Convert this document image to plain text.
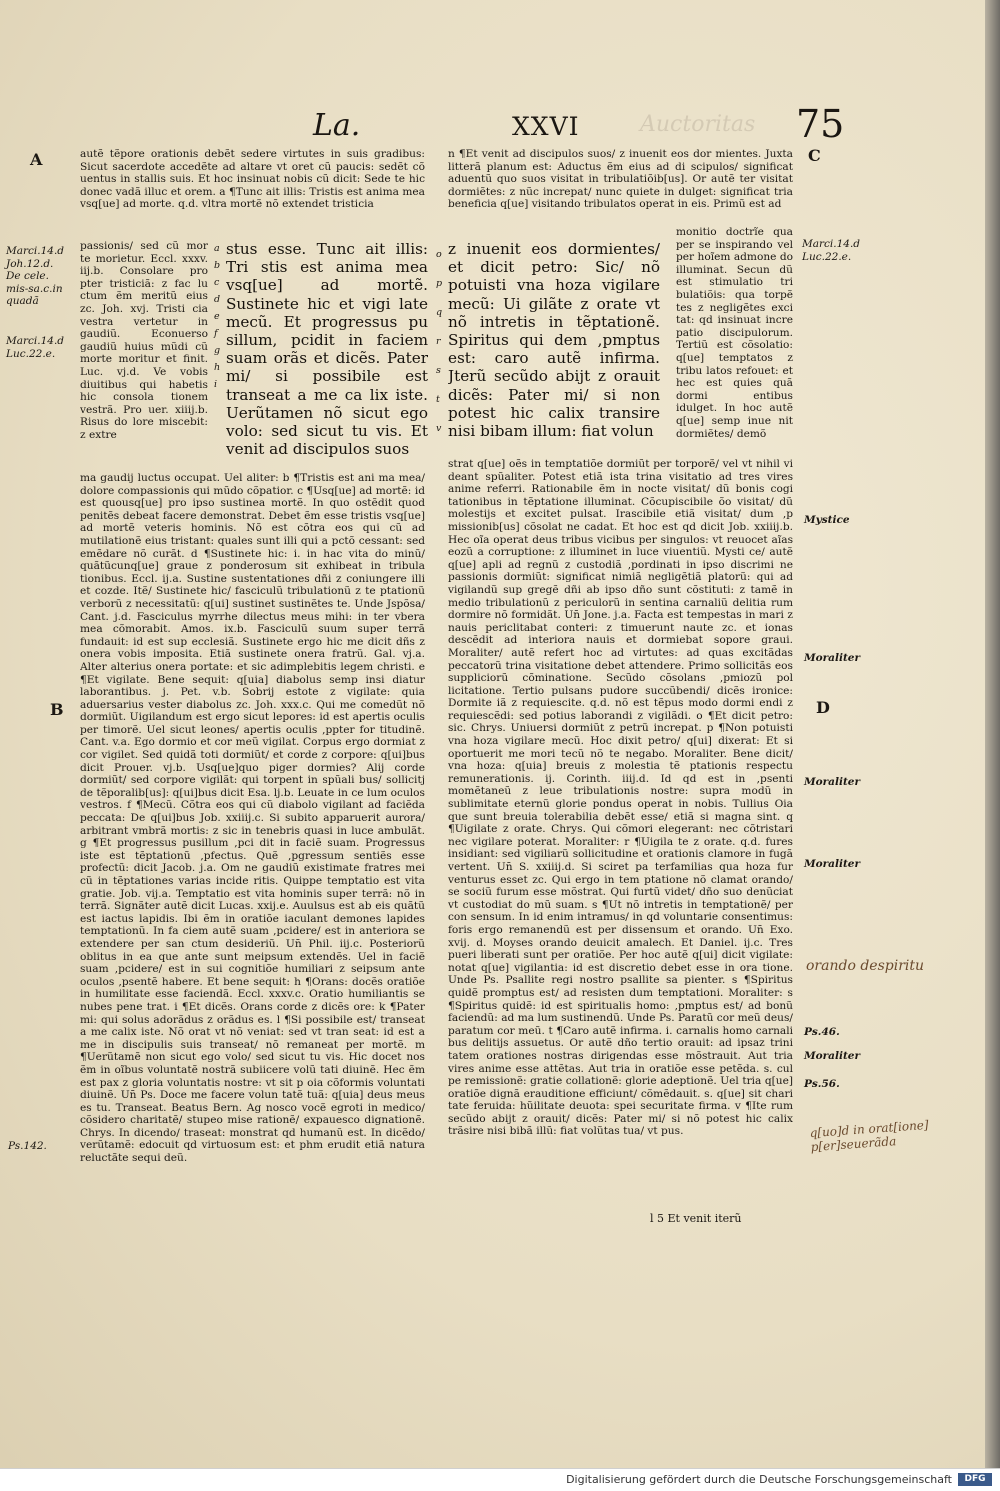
Auctoritas
La.	XXVI	75
A	C
B	D
Marci.14.d Joh.12.d. De cele. mis-sa.c.in quadã
Marci.14.d Luc.22.e.
Ps.142.
Marci.14.d Luc.22.e.
Mystice
Moraliter
Moraliter
Moraliter
Ps.46.
Moraliter
Ps.56.
orando despiritu
q[uo]d in orat[ione] p[er]seuerãda
autẽ tẽpore orationis debẽt sedere virtutes in suis gradibus: Sicut sacerdote accedẽte ad altare vt oret cũ paucis: sedẽt cõ uentus in stallis suis. Et hoc insinuat nobis cũ dicit: Sede te hic donec vadã illuc et orem. a ¶Tunc ait illis: Tristis est anima mea vsq[ue] ad morte. q.d. vltra mortẽ nõ extendet tristicia
passionis/ sed cũ mor te morietur. Eccl. xxxv. iij.b. Consolare pro pter tristiciã: z fac lu ctum ẽm meritũ eius zc. Joh. xvj. Tristi cia vestra vertetur in gaudiũ. Econuerso gaudiũ huius mũdi cũ morte moritur et finit. Luc. vj.d. Ve vobis diuitibus qui habetis hic consola tionem vestrã. Pro uer. xiiij.b. Risus do lore miscebit: z extre
ma gaudij luctus occupat. Uel aliter: b ¶Tristis est ani ma mea/ dolore compassionis qui mũdo cõpatior. c ¶Usq[ue] ad mortẽ: id est quousq[ue] pro ipso sustinea mortẽ. In quo ostẽdit quod penitẽs debeat facere demonstrat. Debet ẽm esse tristis vsq[ue] ad mortẽ veteris hominis. Nõ est cõtra eos qui cũ ad mutilationẽ eius tristant: quales sunt illi qui a pctõ cessant: sed emẽdare nõ curãt. d ¶Sustinete hic: i. in hac vita do minũ/ quãtũcunq[ue] graue z ponderosum sit exhibeat in tribula tionibus. Eccl. ij.a. Sustine sustentationes dñi z coniungere illi et cozde. Itẽ/ Sustinete hic/ fasciculũ tribulationũ z te ptationũ verborũ z necessitatũ: q[ui] sustinet sustinẽtes te. Unde Jspõsa/ Cant. j.d. Fasciculus myrrhe dilectus meus mihi: in ter vbera mea cõmorabit. Amos. ix.b. Fasciculũ suum super terrã fundauit: id est sup ecclesiã. Sustinete ergo hic me dicit dñs z onera vobis imposita. Etiã sustinete onera fratrũ. Gal. vj.a. Alter alterius onera portate: et sic adimplebitis legem christi. e ¶Et vigilate. Bene sequit: q[uia] diabolus semp insi diatur laborantibus. j. Pet. v.b. Sobrij estote z vigilate: quia aduersarius vester diabolus zc. Joh. xxx.c. Qui me comedũt nõ dormiũt. Uigilandum est ergo sicut lepores: id est apertis oculis per timorẽ. Uel sicut leones/ apertis oculis ,ppter for titudinẽ. Cant. v.a. Ego dormio et cor meũ vigilat. Corpus ergo dormiat z cor vigilet. Sed quidã toti dormiũt/ et corde z corpore: q[ui]bus dicit Prouer. vj.b. Usq[ue]quo piger dormies? Alij corde dormiũt/ sed corpore vigilãt: qui torpent in spũali bus/ sollicitj de tẽporalib[us]: q[ui]bus dicit Esa. lj.b. Leuate in ce lum oculos vestros. f ¶Mecũ. Cõtra eos qui cũ diabolo vigilant ad faciẽda peccata: De q[ui]bus Job. xxiiij.c. Si subito apparuerit aurora/ arbitrant vmbrã mortis: z sic in tenebris quasi in luce ambulãt. g ¶Et progressus pusillum ,pci dit in faciẽ suam. Progressus iste est tẽptationũ ,pfectus. Quẽ ,pgressum sentiẽs esse profectũ: dicit Jacob. j.a. Om ne gaudiũ existimate fratres mei cũ in tẽptationes varias incide ritis. Quippe temptatio est vita gratie. Job. vij.a. Temptatio est vita hominis super terrã: nõ in terrã. Signãter autẽ dicit Lucas. xxij.e. Auulsus est ab eis quãtũ est iactus lapidis. Ibi ẽm in oratiõe iaculant demones lapides temptationũ. In fa ciem autẽ suam ,pcidere/ est in anteriora se extendere per san ctum desideriũ. Un̄ Phil. iij.c. Posteriorũ oblitus in ea que ante sunt meipsum extendẽs. Uel in faciẽ suam ,pcidere/ est in sui cognitiõe humiliari z seipsum ante oculos ,psentẽ habere. Et bene sequit: h ¶Orans: docẽs oratiõe in humilitate esse faciendã. Eccl. xxxv.c. Oratio humiliantis se nubes pene trat. i ¶Et dicẽs. Orans corde z dicẽs ore: k ¶Pater mi: qui solus adorãdus z orãdus es. l ¶Si possibile est/ transeat a me calix iste. Nõ orat vt nõ veniat: sed vt tran seat: id est a me in discipulis suis transeat/ nõ remaneat per mortẽ. m ¶Uerũtamẽ non sicut ego volo/ sed sicut tu vis. Hic docet nos ẽm in oĩbus voluntatẽ nostrã subiicere volũ tati diuinẽ. Hec ẽm est pax z gloria voluntatis nostre: vt sit p oia cõformis voluntati diuinẽ. Un̄ Ps. Doce me facere volun tatẽ tuã: q[uia] deus meus es tu. Transeat. Beatus Bern. Ag nosco vocẽ egroti in medico/ cõsidero charitatẽ/ stupeo mise rationẽ/ expauesco dignationẽ. Chrys. In dicendo/ traseat: monstrat qd humanũ est. In dicẽdo/ verũtamẽ: edocuit qd virtuosum est: et phm erudit etiã natura reluctãte sequi deũ.
n ¶Et venit ad discipulos suos/ z inuenit eos dor mientes. Juxta litterã planum est: Aductus ẽm eius ad di scipulos/ significat aduentũ quo suos visitat in tribulatiõib[us]. Or autẽ ter visitat dormiẽtes: z nũc increpat/ nunc quiete in dulget: significat tria beneficia q[ue] visitando tribulatos operat in eis. Primũ est ad
monitio doctrĩe qua per se inspirando vel per hoĩem admone do illuminat. Secun dũ est stimulatio tri bulatiõis: qua torpẽ tes z negligẽtes exci tat: qd insinuat incre patio discipulorum. Tertiũ est cõsolatio: q[ue] temptatos z tribu latos refouet: et hec est quies quã dormi entibus idulget. In hoc autẽ q[ue] semp inue nit dormiẽtes/ demõ
strat q[ue] oẽs in temptatiõe dormiũt per torporẽ/ vel vt nihil vi deant spũaliter. Potest etiã ista trina visitatio ad tres vires anime referri. Rationabile ẽm in nocte visitat/ dũ bonis cogi tationibus in tẽptatione illuminat. Cõcupiscibile õo visitat/ dũ molestijs et excitet pulsat. Irascibile etiã visitat/ dum ,p missionib[us] cõsolat ne cadat. Et hoc est qd dicit Job. xxiiij.b. Hec oĩa operat deus tribus vicibus per singulos: vt reuocet aĩas eozũ a corruptione: z illuminet in luce viuentiũ. Mysti ce/ autẽ q[ue] apli ad regnũ z custodiã ,pordinati in ipso discrimi ne passionis dormiũt: significat nimiã negligẽtiã platorũ: qui ad vigilandũ sup gregẽ dñi ab ipso dño sunt cõstituti: z tamẽ in medio tribulationũ z periculorũ in sentina carnaliũ delitia rum dormire nõ formidãt. Un̄ Jone. j.a. Facta est tempestas in mari z nauis periclitabat conteri: z timuerunt naute zc. et ionas descẽdit ad interiora nauis et dormiebat sopore graui. Moraliter/ autẽ refert hoc ad virtutes: ad quas excitãdas peccatorũ trina visitatione debet attendere. Primo sollicitãs eos suppliciorũ cõminatione. Secũdo cõsolans ,pmiozũ pol licitatione. Tertio pulsans pudore succũbendi/ dicẽs ironice: Dormite iã z requiescite. q.d. nõ est tẽpus modo dormi endi z requiescẽdi: sed potius laborandi z vigilãdi. o ¶Et dicit petro: sic. Chrys. Uniuersi dormiũt z petrũ increpat. p ¶Non potuisti vna hoza vigilare mecũ. Hoc dixit petro/ q[ui] dixerat: Et si oportuerit me mori tecũ nõ te negabo. Moraliter. Bene dicit/ vna hoza: q[uia] breuis z molestia tẽ ptationis respectu remunerationis. ij. Corinth. iiij.d. Id qd est in ,psenti momẽtaneũ z leue tribulationis nostre: supra modũ in sublimitate eternũ glorie pondus operat in nobis. Tullius Oia que sunt breuia tolerabilia debẽt esse/ etiã si magna sint. q ¶Uigilate z orate. Chrys. Qui cõmori elegerant: nec cõtristari nec vigilare poterat. Moraliter: r ¶Uigila te z orate. q.d. fures insidiant: sed vigiliarũ sollicitudine et orationis clamore in fugã vertent. Un̄ S. xxiiij.d. Si sciret pa terfamilias qua hoza fur venturus esset zc. Qui ergo in tem ptatione nõ clamat orando/ se sociũ furum esse mõstrat. Qui furtũ videt/ dño suo denũciat vt custodiat do mũ suam. s ¶Ut nõ intretis in temptationẽ/ per con sensum. In id enim intramus/ in qd voluntarie consentimus: foris ergo remanendũ est per dissensum et orando. Un̄ Exo. xvij. d. Moyses orando deuicit amalech. Et Daniel. ij.c. Tres pueri liberati sunt per oratiõe. Per hoc autẽ q[ui] dicit vigilate: notat q[ue] vigilantia: id est discretio debet esse in ora tione. Unde Ps. Psallite regi nostro psallite sa pienter. s ¶Spiritus quidẽ promptus est/ ad resisten dum temptationi. Moraliter: s ¶Spiritus quidẽ: id est spiritualis homo: ,pmptus est/ ad bonũ faciendũ: ad ma lum sustinendũ. Unde Ps. Paratũ cor meũ deus/ paratum cor meũ. t ¶Caro autẽ infirma. i. carnalis homo carnali bus delitijs assuetus. Or autẽ dño tertio orauit: ad ipsaz trini tatem orationes nostras dirigendas esse mõstrauit. Aut tria vires anime esse attẽtas. Aut tria in oratiõe esse petẽda. s. cul pe remissionẽ: gratie collationẽ: glorie adeptionẽ. Uel tria q[ue] oratiõe dignã erauditione efficiunt/ cõmẽdauit. s. q[ue] sit chari tate feruida: hũilitate deuota: spei securitate firma. v ¶Ite rum secũdo abijt z orauit/ dicẽs: Pater mi/ si nõ potest hic calix trãsire nisi bibã illũ: fiat volũtas tua/ vt pus.
a b c d e f g h i
stus esse. Tunc ait illis: Tri stis est anima mea vsq[ue] ad mortẽ. Sustinete hic et vigi late mecũ. Et progressus pu sillum, pcidit in faciem suam orãs et dicẽs. Pater mi/ si possibile est transeat a me ca lix iste. Uerũtamen nõ sicut ego volo: sed sicut tu vis. Et venit ad discipulos suos
o p q r s t v
z inuenit eos dormientes/ et dicit petro: Sic/ nõ potuisti vna hoza vigilare mecũ: Ui gilãte z orate vt nõ intretis in tẽptationẽ. Spiritus qui dem ,pmptus est: caro autẽ infirma. Jterũ secũdo abijt z orauit dicẽs: Pater mi/ si non potest hic calix transire nisi bibam illum: fiat volun
l 5 Et venit iterũ
Digitalisierung gefördert durch die Deutsche Forschungsgemeinschaft	DFG
